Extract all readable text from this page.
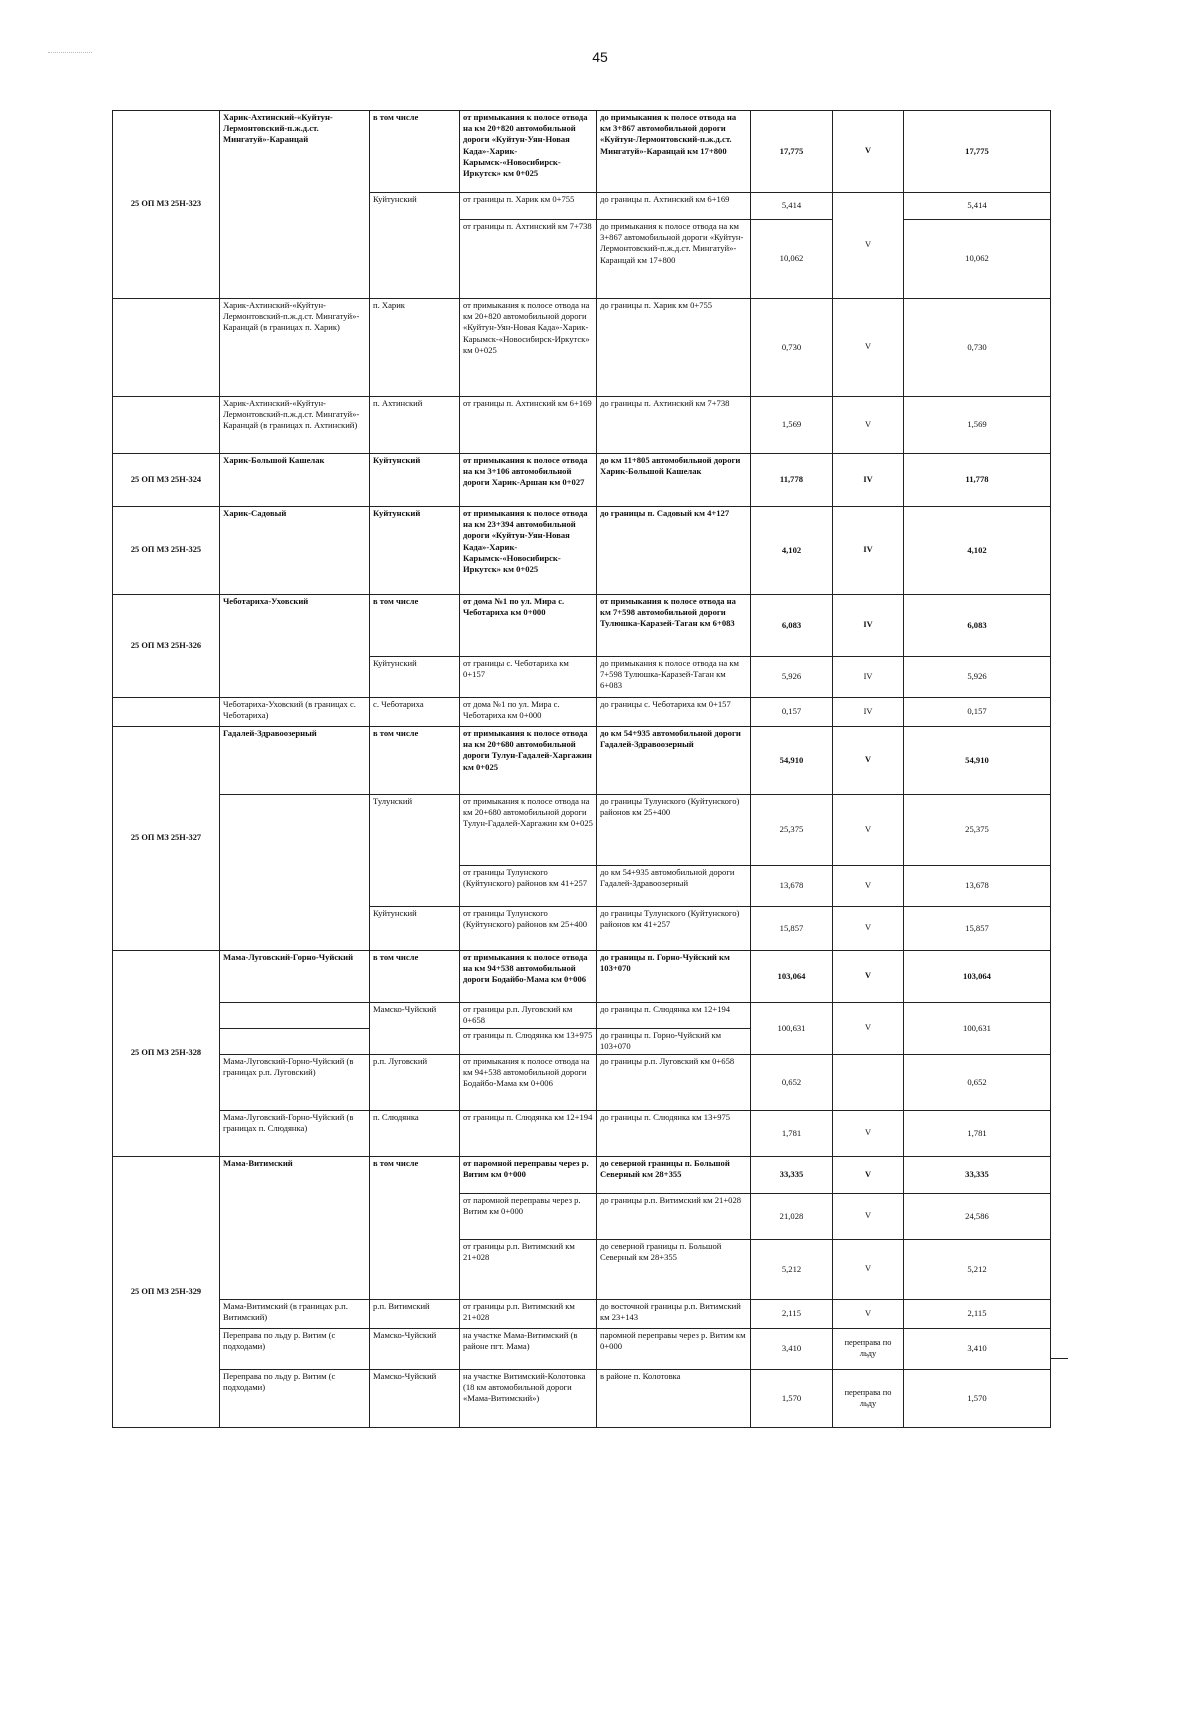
45
25 ОП МЗ 25Н-323	Харик-Ахтинский-«Куйтун-Лермонтовский-п.ж.д.ст. Мингатуй»-Каранцай	в том числе	от примыкания к полосе отвода на км 20+820 автомобильной дороги «Куйтун-Уян-Новая Када»-Харик-Карымск-«Новосибирск-Иркутск» км 0+025	до примыкания к полосе отвода на км 3+867 автомобильной дороги «Куйтун-Лермонтовский-п.ж.д.ст. Мингатуй»-Каранцай км 17+800	17,775	V	17,775
		Куйтунский	от границы п. Харик км 0+755	до границы п. Ахтинский км 6+169	5,414	V	5,414
			от границы п. Ахтинский км 7+738	до примыкания к полосе отвода на км 3+867 автомобильной дороги «Куйтун-Лермонтовский-п.ж.д.ст. Мингатуй»-Каранцай км 17+800	10,062		10,062
	Харик-Ахтинский-«Куйтун-Лермонтовский-п.ж.д.ст. Мингатуй»-Каранцай (в границах п. Харик)	п. Харик	от примыкания к полосе отвода на км 20+820 автомобильной дороги «Куйтун-Уян-Новая Када»-Харик-Карымск-«Новосибирск-Иркутск» км 0+025	до границы п. Харик км 0+755	0,730	V	0,730
	Харик-Ахтинский-«Куйтун-Лермонтовский-п.ж.д.ст. Мингатуй»-Каранцай (в границах п. Ахтинский)	п. Ахтинский	от границы п. Ахтинский км 6+169	до границы п. Ахтинский км 7+738	1,569	V	1,569
25 ОП МЗ 25Н-324	Харик-Большой Кашелак	Куйтунский	от примыкания к полосе отвода на км 3+106 автомобильной дороги Харик-Аршан км 0+027	до км 11+805 автомобильной дороги Харик-Большой Кашелак	11,778	IV	11,778
25 ОП МЗ 25Н-325	Харик-Садовый	Куйтунский	от примыкания к полосе отвода на км 23+394 автомобильной дороги «Куйтун-Уян-Новая Када»-Харик-Карымск-«Новосибирск-Иркутск» км 0+025	до границы п. Садовый км 4+127	4,102	IV	4,102
25 ОП МЗ 25Н-326	Чеботариха-Уховский	в том числе	от дома №1 по ул. Мира с. Чеботариха км 0+000	от примыкания к полосе отвода на км 7+598 автомобильной дороги Тулюшка-Каразей-Таган км 6+083	6,083	IV	6,083
		Куйтунский	от границы с. Чеботариха км 0+157	до примыкания к полосе отвода на км 7+598 Тулюшка-Каразей-Таган км 6+083	5,926	IV	5,926
	Чеботариха-Уховский (в границах с. Чеботариха)	с. Чеботариха	от дома №1 по ул. Мира с. Чеботариха км 0+000	до границы с. Чеботариха км 0+157	0,157	IV	0,157
25 ОП МЗ 25Н-327	Гадалей-Здравоозерный	в том числе	от примыкания к полосе отвода на км 20+680 автомобильной дороги Тулун-Гадалей-Харгажин км 0+025	до км 54+935 автомобильной дороги Гадалей-Здравоозерный	54,910	V	54,910
		Тулунский	от примыкания к полосе отвода на км 20+680 автомобильной дороги Тулун-Гадалей-Харгажин км 0+025	до границы Тулунского (Куйтунского) районов км 25+400	25,375	V	25,375
			от границы Тулунского (Куйтунского) районов км 41+257	до км 54+935 автомобильной дороги Гадалей-Здравоозерный	13,678	V	13,678
		Куйтунский	от границы Тулунского (Куйтунского) районов км 25+400	до границы Тулунского (Куйтунского) районов км 41+257	15,857	V	15,857
25 ОП МЗ 25Н-328	Мама-Луговский-Горно-Чуйский	в том числе	от примыкания к полосе отвода на км 94+538 автомобильной дороги Бодайбо-Мама км 0+006	до границы п. Горно-Чуйский км 103+070	103,064	V	103,064
		Мамско-Чуйский	от границы р.п. Луговский км 0+658	до границы п. Слюдянка км 12+194	100,631	V	100,631
			от границы п. Слюдянка км 13+975	до границы п. Горно-Чуйский км 103+070			
	Мама-Луговский-Горно-Чуйский (в границах р.п. Луговский)	р.п. Луговский	от примыкания к полосе отвода на км 94+538 автомобильной дороги Бодайбо-Мама км 0+006	до границы р.п. Луговский км 0+658	0,652		0,652
	Мама-Луговский-Горно-Чуйский (в границах п. Слюдянка)	п. Слюдянка	от границы п. Слюдянка км 12+194	до границы п. Слюдянка км 13+975	1,781	V	1,781
25 ОП МЗ 25Н-329	Мама-Витимский	в том числе	от паромной переправы через р. Витим км 0+000	до северной границы п. Большой Северный км 28+355	33,335	V	33,335
			от паромной переправы через р. Витим км 0+000	до границы р.п. Витимский км 21+028	21,028	V	24,586
			от границы р.п. Витимский км 21+028	до северной границы п. Большой Северный км 28+355	5,212	V	5,212
	Мама-Витимский (в границах р.п. Витимский)	р.п. Витимский	от границы р.п. Витимский км 21+028	до восточной границы р.п. Витимский км 23+143	2,115	V	2,115
	Переправа по льду р. Витим (с подходами)	Мамско-Чуйский	на участке Мама-Витимский (в районе пгт. Мама)	паромной переправы через р. Витим км 0+000	3,410	переправа по льду	3,410
	Переправа по льду р. Витим (с подходами)	Мамско-Чуйский	на участке Витимский-Колотовка (18 км автомобильной дороги «Мама-Витимский»)	в районе п. Колотовка	1,570	переправа по льду	1,570
